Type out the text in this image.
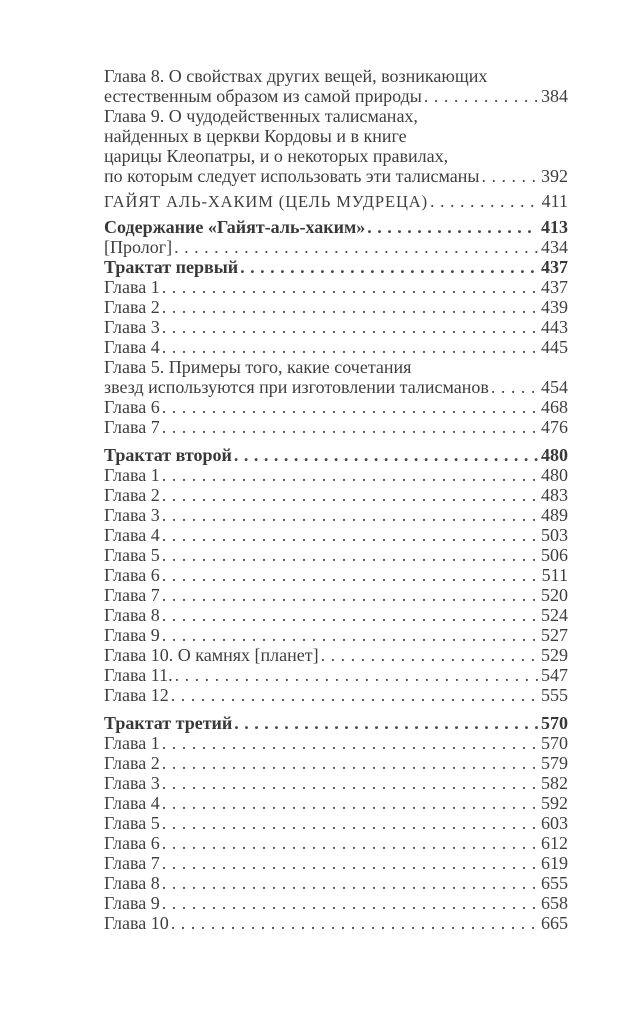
Глава 8. О свойствах других вещей, возникающих
естественным образом из самой природы . . .	384
Глава 9. О чудодейственных талисманах,
найденных в церкви Кордовы и в книге
царицы Клеопатры, и о некоторых правилах,
по которым следует использовать эти талисманы . . .	392
ГАЙЯТ АЛЬ-ХАКИМ (ЦЕЛЬ МУДРЕЦА) . . .	411
Содержание «Гайят-аль-хаким» . . .	413
[Пролог] . . .	434
Трактат первый . . .	437
Глава 1 . . .	437
Глава 2 . . .	439
Глава 3 . . .	443
Глава 4 . . .	445
Глава 5. Примеры того, какие сочетания
звезд используются при изготовлении талисманов . . .	454
Глава 6 . . .	468
Глава 7 . . .	476
Трактат второй . . .	480
Глава 1 . . .	480
Глава 2 . . .	483
Глава 3 . . .	489
Глава 4 . . .	503
Глава 5 . . .	506
Глава 6 . . .	511
Глава 7 . . .	520
Глава 8 . . .	524
Глава 9 . . .	527
Глава 10. О камнях [планет] . . .	529
Глава 11. . . .	547
Глава 12 . . .	555
Трактат третий . . .	570
Глава 1 . . .	570
Глава 2 . . .	579
Глава 3 . . .	582
Глава 4 . . .	592
Глава 5 . . .	603
Глава 6 . . .	612
Глава 7 . . .	619
Глава 8 . . .	655
Глава 9 . . .	658
Глава 10 . . .	665
